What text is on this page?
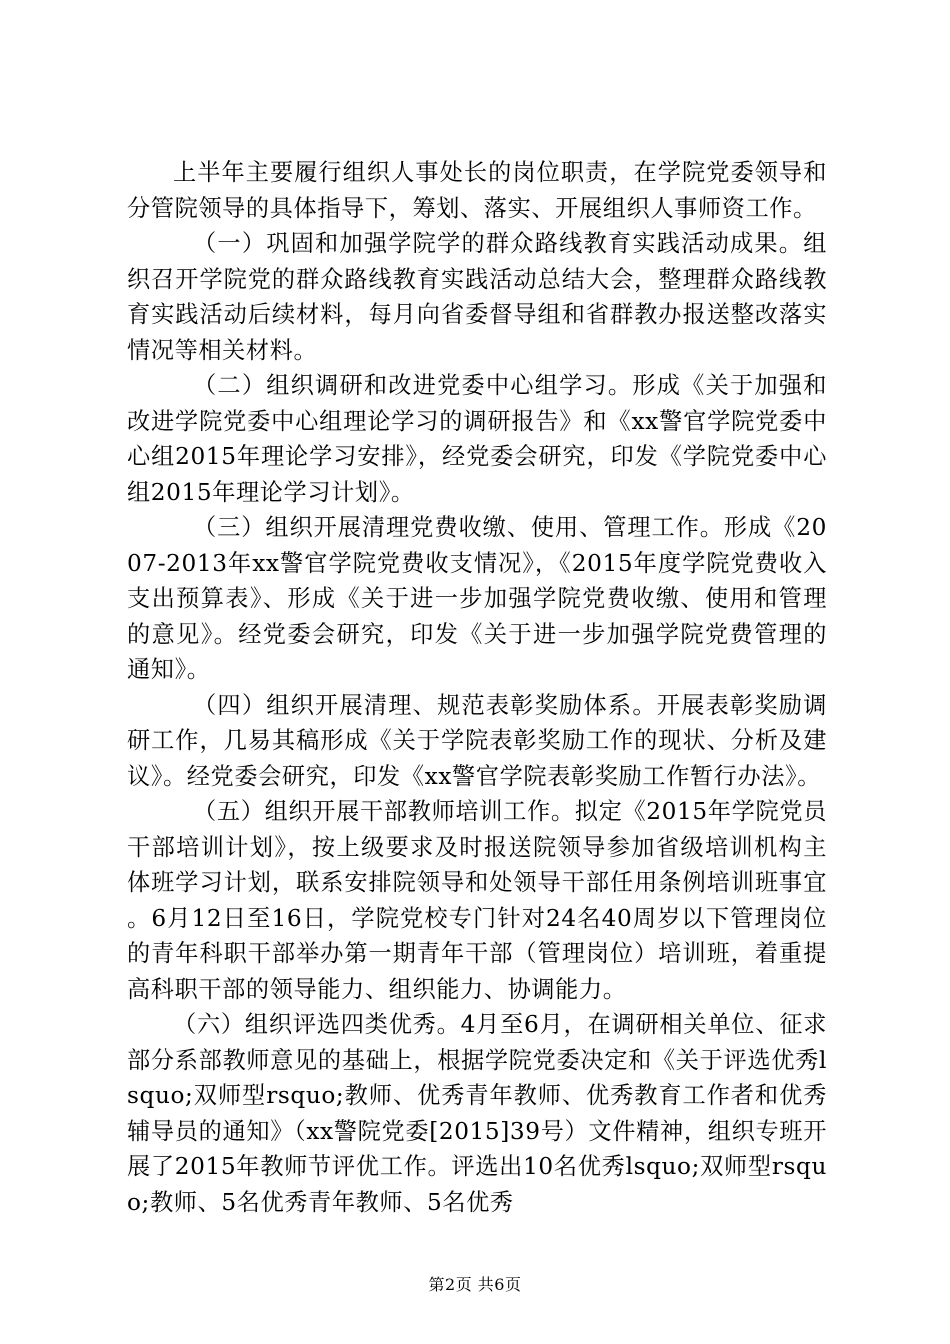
上半年主要履行组织人事处长的岗位职责，在学院党委领导和分管院领导的具体指导下，筹划、落实、开展组织人事师资工作。

（一）巩固和加强学院学的群众路线教育实践活动成果。组织召开学院党的群众路线教育实践活动总结大会，整理群众路线教育实践活动后续材料，每月向省委督导组和省群教办报送整改落实情况等相关材料。

（二）组织调研和改进党委中心组学习。形成《关于加强和改进学院党委中心组理论学习的调研报告》和《xx警官学院党委中心组2015年理论学习安排》，经党委会研究，印发《学院党委中心组2015年理论学习计划》。

（三）组织开展清理党费收缴、使用、管理工作。形成《2007-2013年xx警官学院党费收支情况》，《2015年度学院党费收入支出预算表》、形成《关于进一步加强学院党费收缴、使用和管理的意见》。经党委会研究，印发《关于进一步加强学院党费管理的通知》。

（四）组织开展清理、规范表彰奖励体系。开展表彰奖励调研工作，几易其稿形成《关于学院表彰奖励工作的现状、分析及建议》。经党委会研究，印发《xx警官学院表彰奖励工作暂行办法》。

（五）组织开展干部教师培训工作。拟定《2015年学院党员干部培训计划》，按上级要求及时报送院领导参加省级培训机构主体班学习计划，联系安排院领导和处领导干部任用条例培训班事宜。6月12日至16日，学院党校专门针对24名40周岁以下管理岗位的青年科职干部举办第一期青年干部（管理岗位）培训班，着重提高科职干部的领导能力、组织能力、协调能力。

（六）组织评选四类优秀。4月至6月，在调研相关单位、征求部分系部教师意见的基础上，根据学院党委决定和《关于评选优秀lsquo;双师型rsquo;教师、优秀青年教师、优秀教育工作者和优秀辅导员的通知》（xx警院党委[2015]39号）文件精神，组织专班开展了2015年教师节评优工作。评选出10名优秀lsquo;双师型rsquo;教师、5名优秀青年教师、5名优秀

第2页 共6页
